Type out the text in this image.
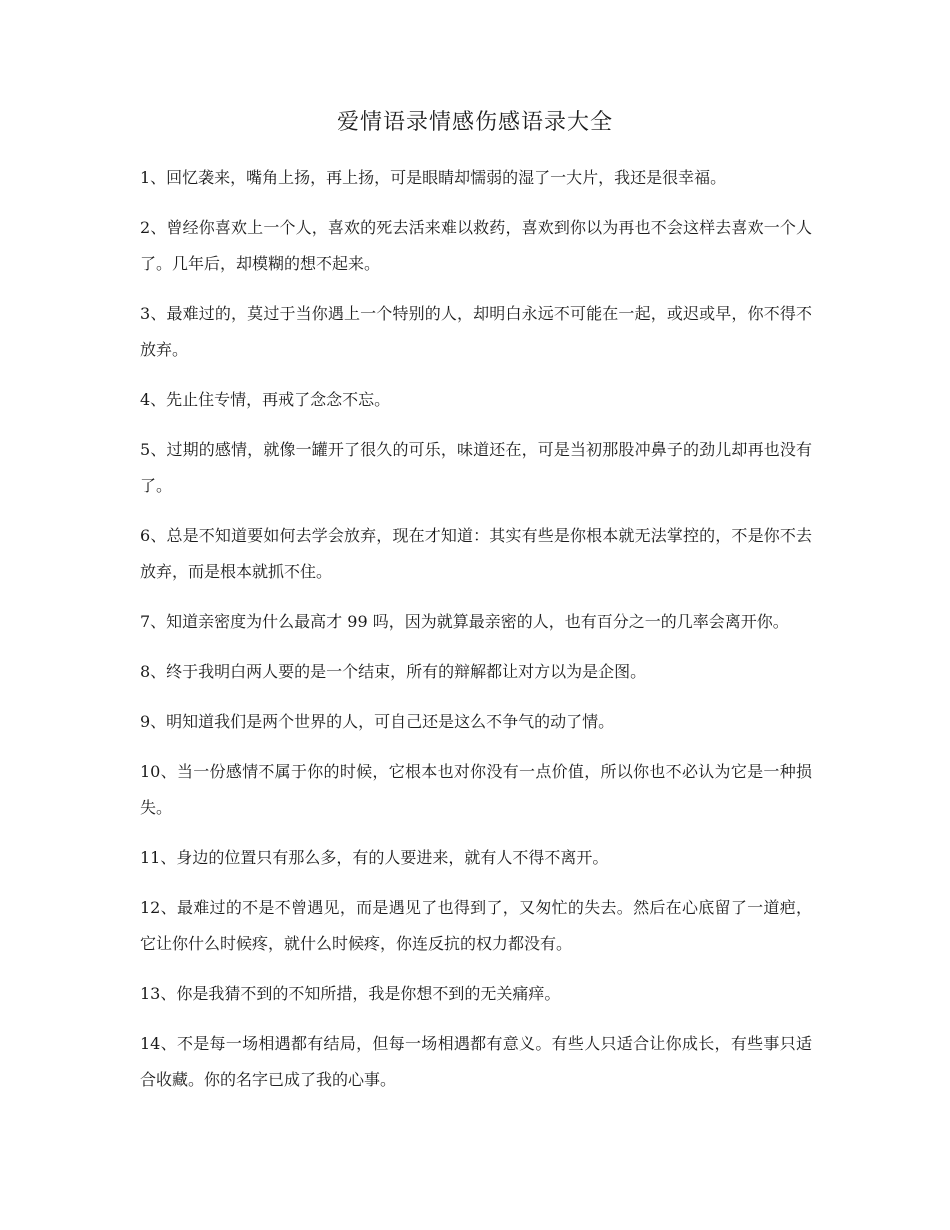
爱情语录情感伤感语录大全
1、回忆袭来，嘴角上扬，再上扬，可是眼睛却懦弱的湿了一大片，我还是很幸福。
2、曾经你喜欢上一个人，喜欢的死去活来难以救药，喜欢到你以为再也不会这样去喜欢一个人了。几年后，却模糊的想不起来。
3、最难过的，莫过于当你遇上一个特别的人，却明白永远不可能在一起，或迟或早，你不得不放弃。
4、先止住专情，再戒了念念不忘。
5、过期的感情，就像一罐开了很久的可乐，味道还在，可是当初那股冲鼻子的劲儿却再也没有了。
6、总是不知道要如何去学会放弃，现在才知道：其实有些是你根本就无法掌控的，不是你不去放弃，而是根本就抓不住。
7、知道亲密度为什么最高才 99 吗，因为就算最亲密的人，也有百分之一的几率会离开你。
8、终于我明白两人要的是一个结束，所有的辩解都让对方以为是企图。
9、明知道我们是两个世界的人，可自己还是这么不争气的动了情。
10、当一份感情不属于你的时候，它根本也对你没有一点价值，所以你也不必认为它是一种损失。
11、身边的位置只有那么多，有的人要进来，就有人不得不离开。
12、最难过的不是不曾遇见，而是遇见了也得到了，又匆忙的失去。然后在心底留了一道疤，它让你什么时候疼，就什么时候疼，你连反抗的权力都没有。
13、你是我猜不到的不知所措，我是你想不到的无关痛痒。
14、不是每一场相遇都有结局，但每一场相遇都有意义。有些人只适合让你成长，有些事只适合收藏。你的名字已成了我的心事。
